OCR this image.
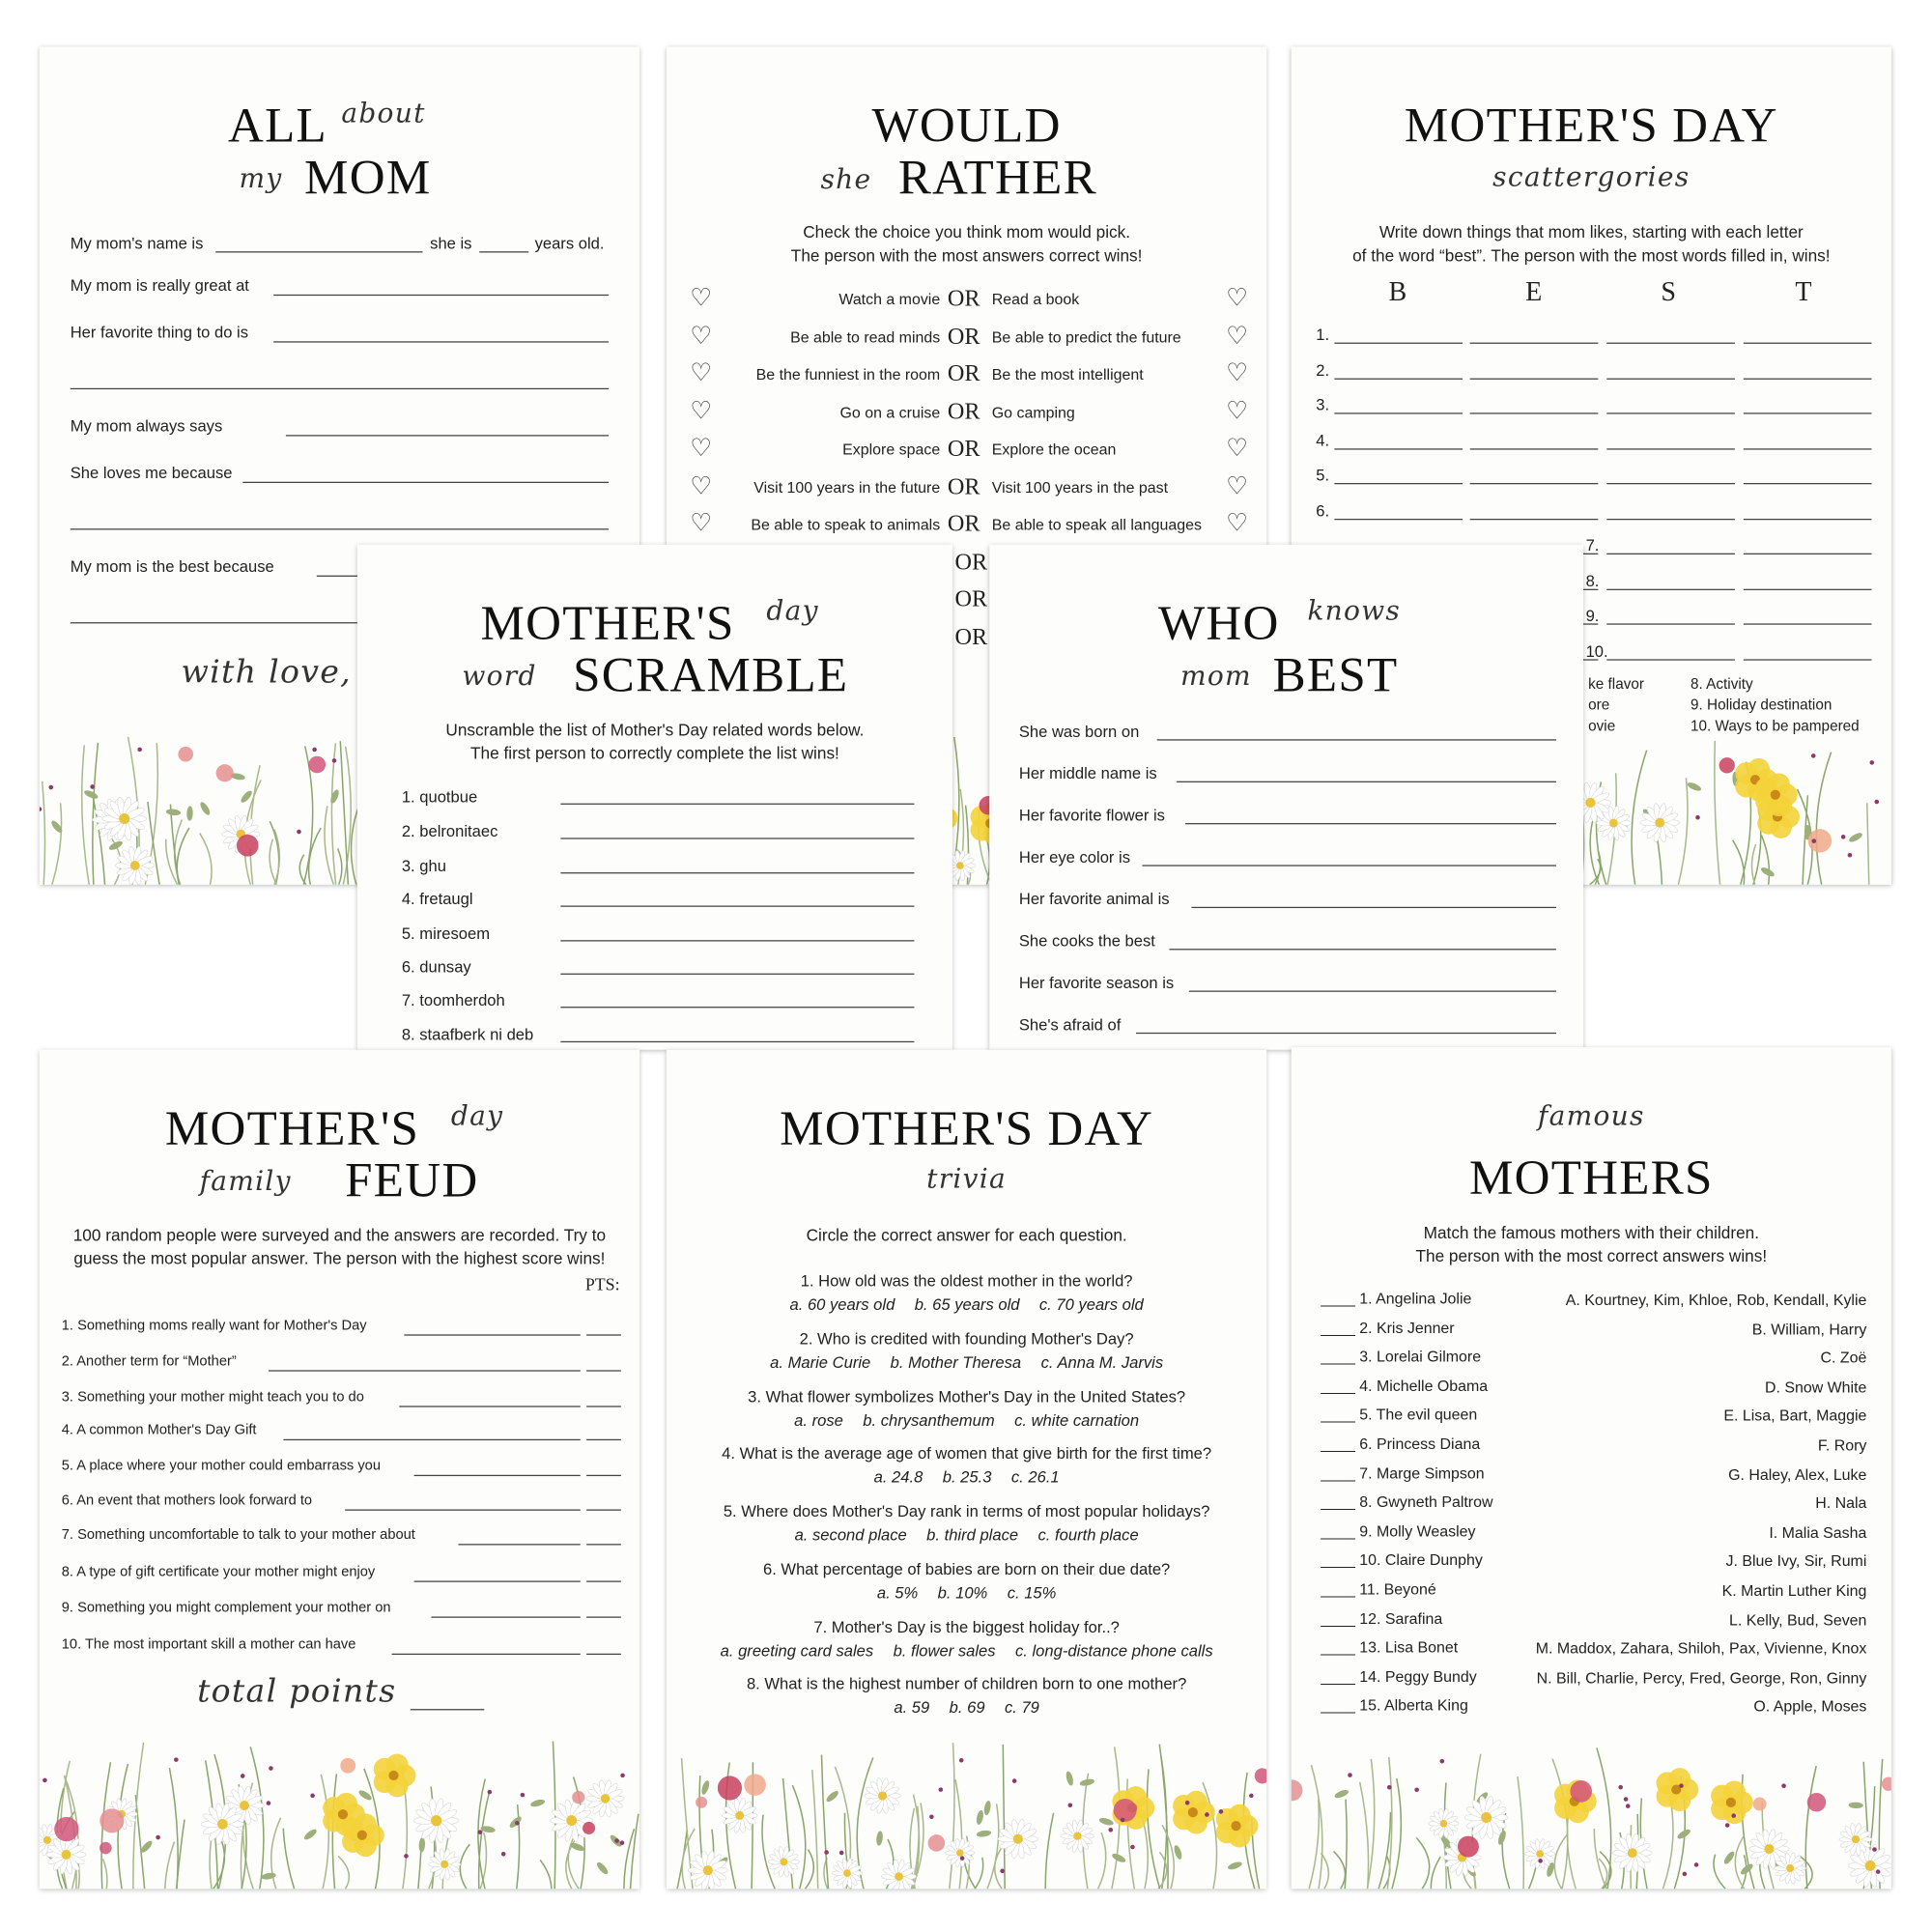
ALL about
my MOM
My mom's name is	she is	years old.
My mom is really great at
Her favorite thing to do is
My mom always says
She loves me because
My mom is the best because
with love,
WOULD
she RATHER
Check the choice you think mom would pick.
The person with the most answers correct wins!
♡	♡
Watch a movie OR Read a book
♡	♡
Be able to read minds OR Be able to predict the future
♡	♡
Be the funniest in the room OR Be the most intelligent
♡	♡
Go on a cruise OR Go camping
♡	♡
Explore space OR Explore the ocean
♡	♡
Visit 100 years in the future OR Visit 100 years in the past
♡	♡
Be able to speak to animals OR Be able to speak all languages
OR
OR
OR
MOTHER'S DAY
scattergories
Write down things that mom likes, starting with each letter
of the word “best”. The person with the most words filled in, wins!
B	E	S	T
1.
2.
3.
4.
5.
6.
7.
8.
9.
10.
ke flavor
ore
ovie
8. Activity
9. Holiday destination
10. Ways to be pampered
MOTHER'S day
word SCRAMBLE
Unscramble the list of Mother's Day related words below.
The first person to correctly complete the list wins!
1. quotbue
2. belronitaec
3. ghu
4. fretaugl
5. miresoem
6. dunsay
7. toomherdoh
8. staafberk ni deb
WHO knows
mom BEST
She was born on
Her middle name is
Her favorite flower is
Her eye color is
Her favorite animal is
She cooks the best
Her favorite season is
She's afraid of
MOTHER'S day
family FEUD
100 random people were surveyed and the answers are recorded. Try to
guess the most popular answer. The person with the highest score wins!
PTS:
1. Something moms really want for Mother's Day
2. Another term for “Mother”
3. Something your mother might teach you to do
4. A common Mother's Day Gift
5. A place where your mother could embarrass you
6. An event that mothers look forward to
7. Something uncomfortable to talk to your mother about
8. A type of gift certificate your mother might enjoy
9. Something you might complement your mother on
10. The most important skill a mother can have
total points
MOTHER'S DAY
trivia
Circle the correct answer for each question.
1. How old was the oldest mother in the world?
a. 60 years old b. 65 years old c. 70 years old
2. Who is credited with founding Mother's Day?
a. Marie Curie b. Mother Theresa c. Anna M. Jarvis
3. What flower symbolizes Mother's Day in the United States?
a. rose b. chrysanthemum c. white carnation
4. What is the average age of women that give birth for the first time?
a. 24.8 b. 25.3 c. 26.1
5. Where does Mother's Day rank in terms of most popular holidays?
a. second place b. third place c. fourth place
6. What percentage of babies are born on their due date?
a. 5% b. 10% c. 15%
7. Mother's Day is the biggest holiday for..?
a. greeting card sales b. flower sales c. long-distance phone calls
8. What is the highest number of children born to one mother?
a. 59 b. 69 c. 79
famous
MOTHERS
Match the famous mothers with their children.
The person with the most correct answers wins!
____ 1. Angelina Jolie	A. Kourtney, Kim, Khloe, Rob, Kendall, Kylie
____ 2. Kris Jenner	B. William, Harry
____ 3. Lorelai Gilmore	C. Zoë
____ 4. Michelle Obama	D. Snow White
____ 5. The evil queen	E. Lisa, Bart, Maggie
____ 6. Princess Diana	F. Rory
____ 7. Marge Simpson	G. Haley, Alex, Luke
____ 8. Gwyneth Paltrow	H. Nala
____ 9. Molly Weasley	I. Malia Sasha
____ 10. Claire Dunphy	J. Blue Ivy, Sir, Rumi
____ 11. Beyoné	K. Martin Luther King
____ 12. Sarafina	L. Kelly, Bud, Seven
____ 13. Lisa Bonet	M. Maddox, Zahara, Shiloh, Pax, Vivienne, Knox
____ 14. Peggy Bundy	N. Bill, Charlie, Percy, Fred, George, Ron, Ginny
____ 15. Alberta King	O. Apple, Moses
